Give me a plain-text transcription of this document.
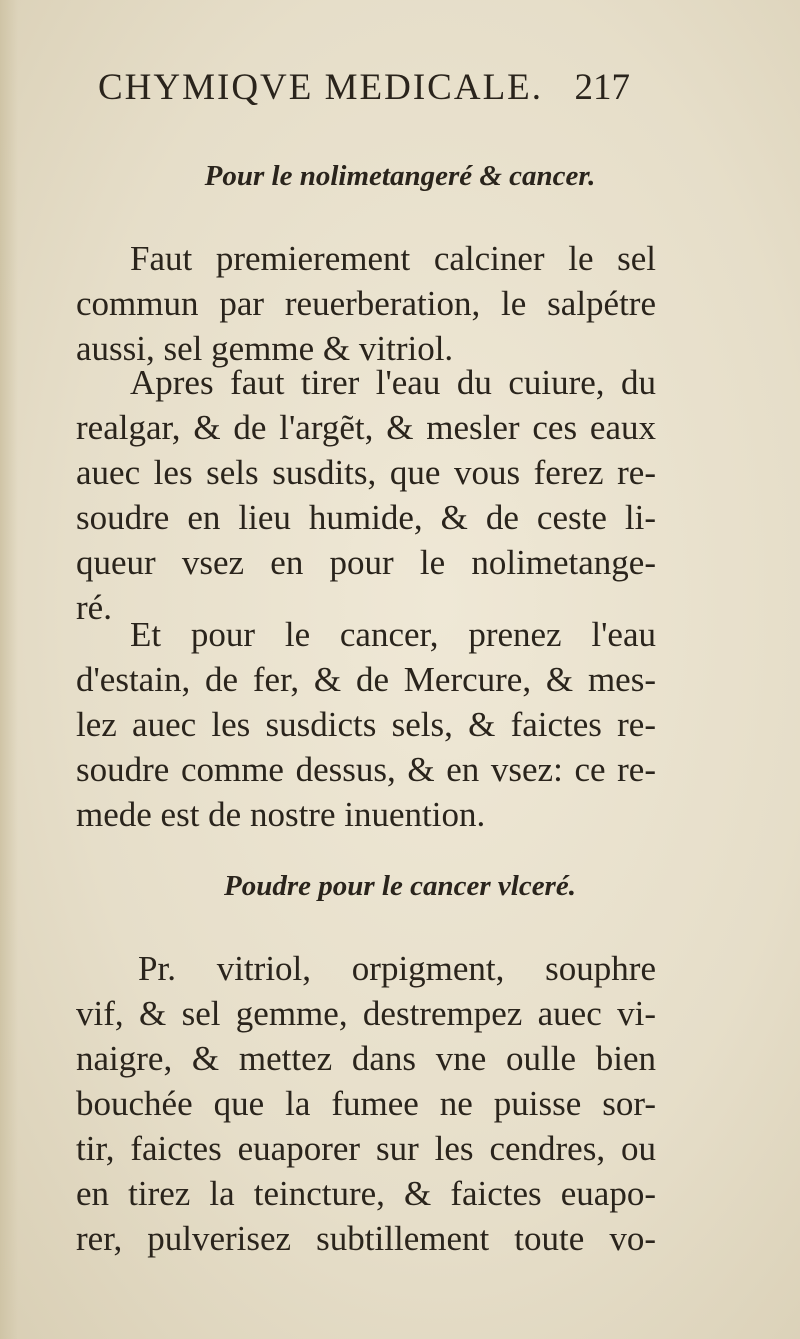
CHYMIQVE MEDICALE. 217
Pour le nolimetangeré & cancer.
Faut premierement calciner le sel
commun par reuerberation, le salpétre
aussi, sel gemme & vitriol.
Apres faut tirer l'eau du cuiure, du
realgar, & de l'argẽt, & mesler ces eaux
auec les sels susdits, que vous ferez re-
soudre en lieu humide, & de ceste li-
queur vsez en pour le nolimetange-
ré.
Et pour le cancer, prenez l'eau
d'estain, de fer, & de Mercure, & mes-
lez auec les susdicts sels, & faictes re-
soudre comme dessus, & en vsez: ce re-
mede est de nostre inuention.
Poudre pour le cancer vlceré.
Pr. vitriol, orpigment, souphre
vif, & sel gemme, destrempez auec vi-
naigre, & mettez dans vne oulle bien
bouchée que la fumee ne puisse sor-
tir, faictes euaporer sur les cendres, ou
en tirez la teincture, & faictes euapo-
rer, pulverisez subtillement toute vo-
